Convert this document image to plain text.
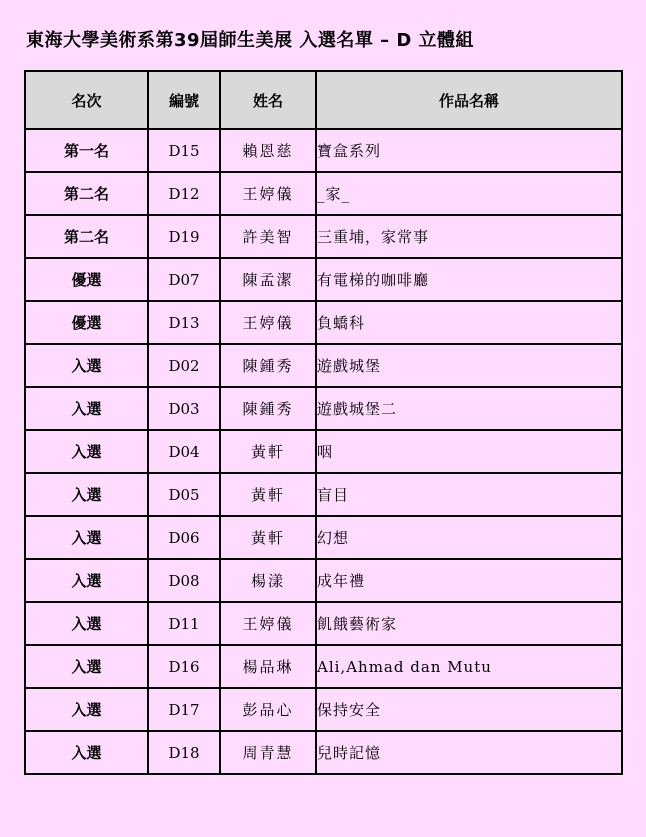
東海大學美術系第39屆師生美展 入選名單 – D 立體組
名次	編號	姓名	作品名稱
第一名	D15	賴恩慈	寶盒系列
第二名	D12	王婷儀	_家_
第二名	D19	許美智	三重埔，家常事
優選	D07	陳孟潔	有電梯的咖啡廳
優選	D13	王婷儀	負蟜科
入選	D02	陳鍾秀	遊戲城堡
入選	D03	陳鍾秀	遊戲城堡二
入選	D04	黃軒	咽
入選	D05	黃軒	盲目
入選	D06	黃軒	幻想
入選	D08	楊漾	成年禮
入選	D11	王婷儀	飢餓藝術家
入選	D16	楊品琳	Ali,Ahmad dan Mutu
入選	D17	彭品心	保持安全
入選	D18	周青慧	兒時記憶
